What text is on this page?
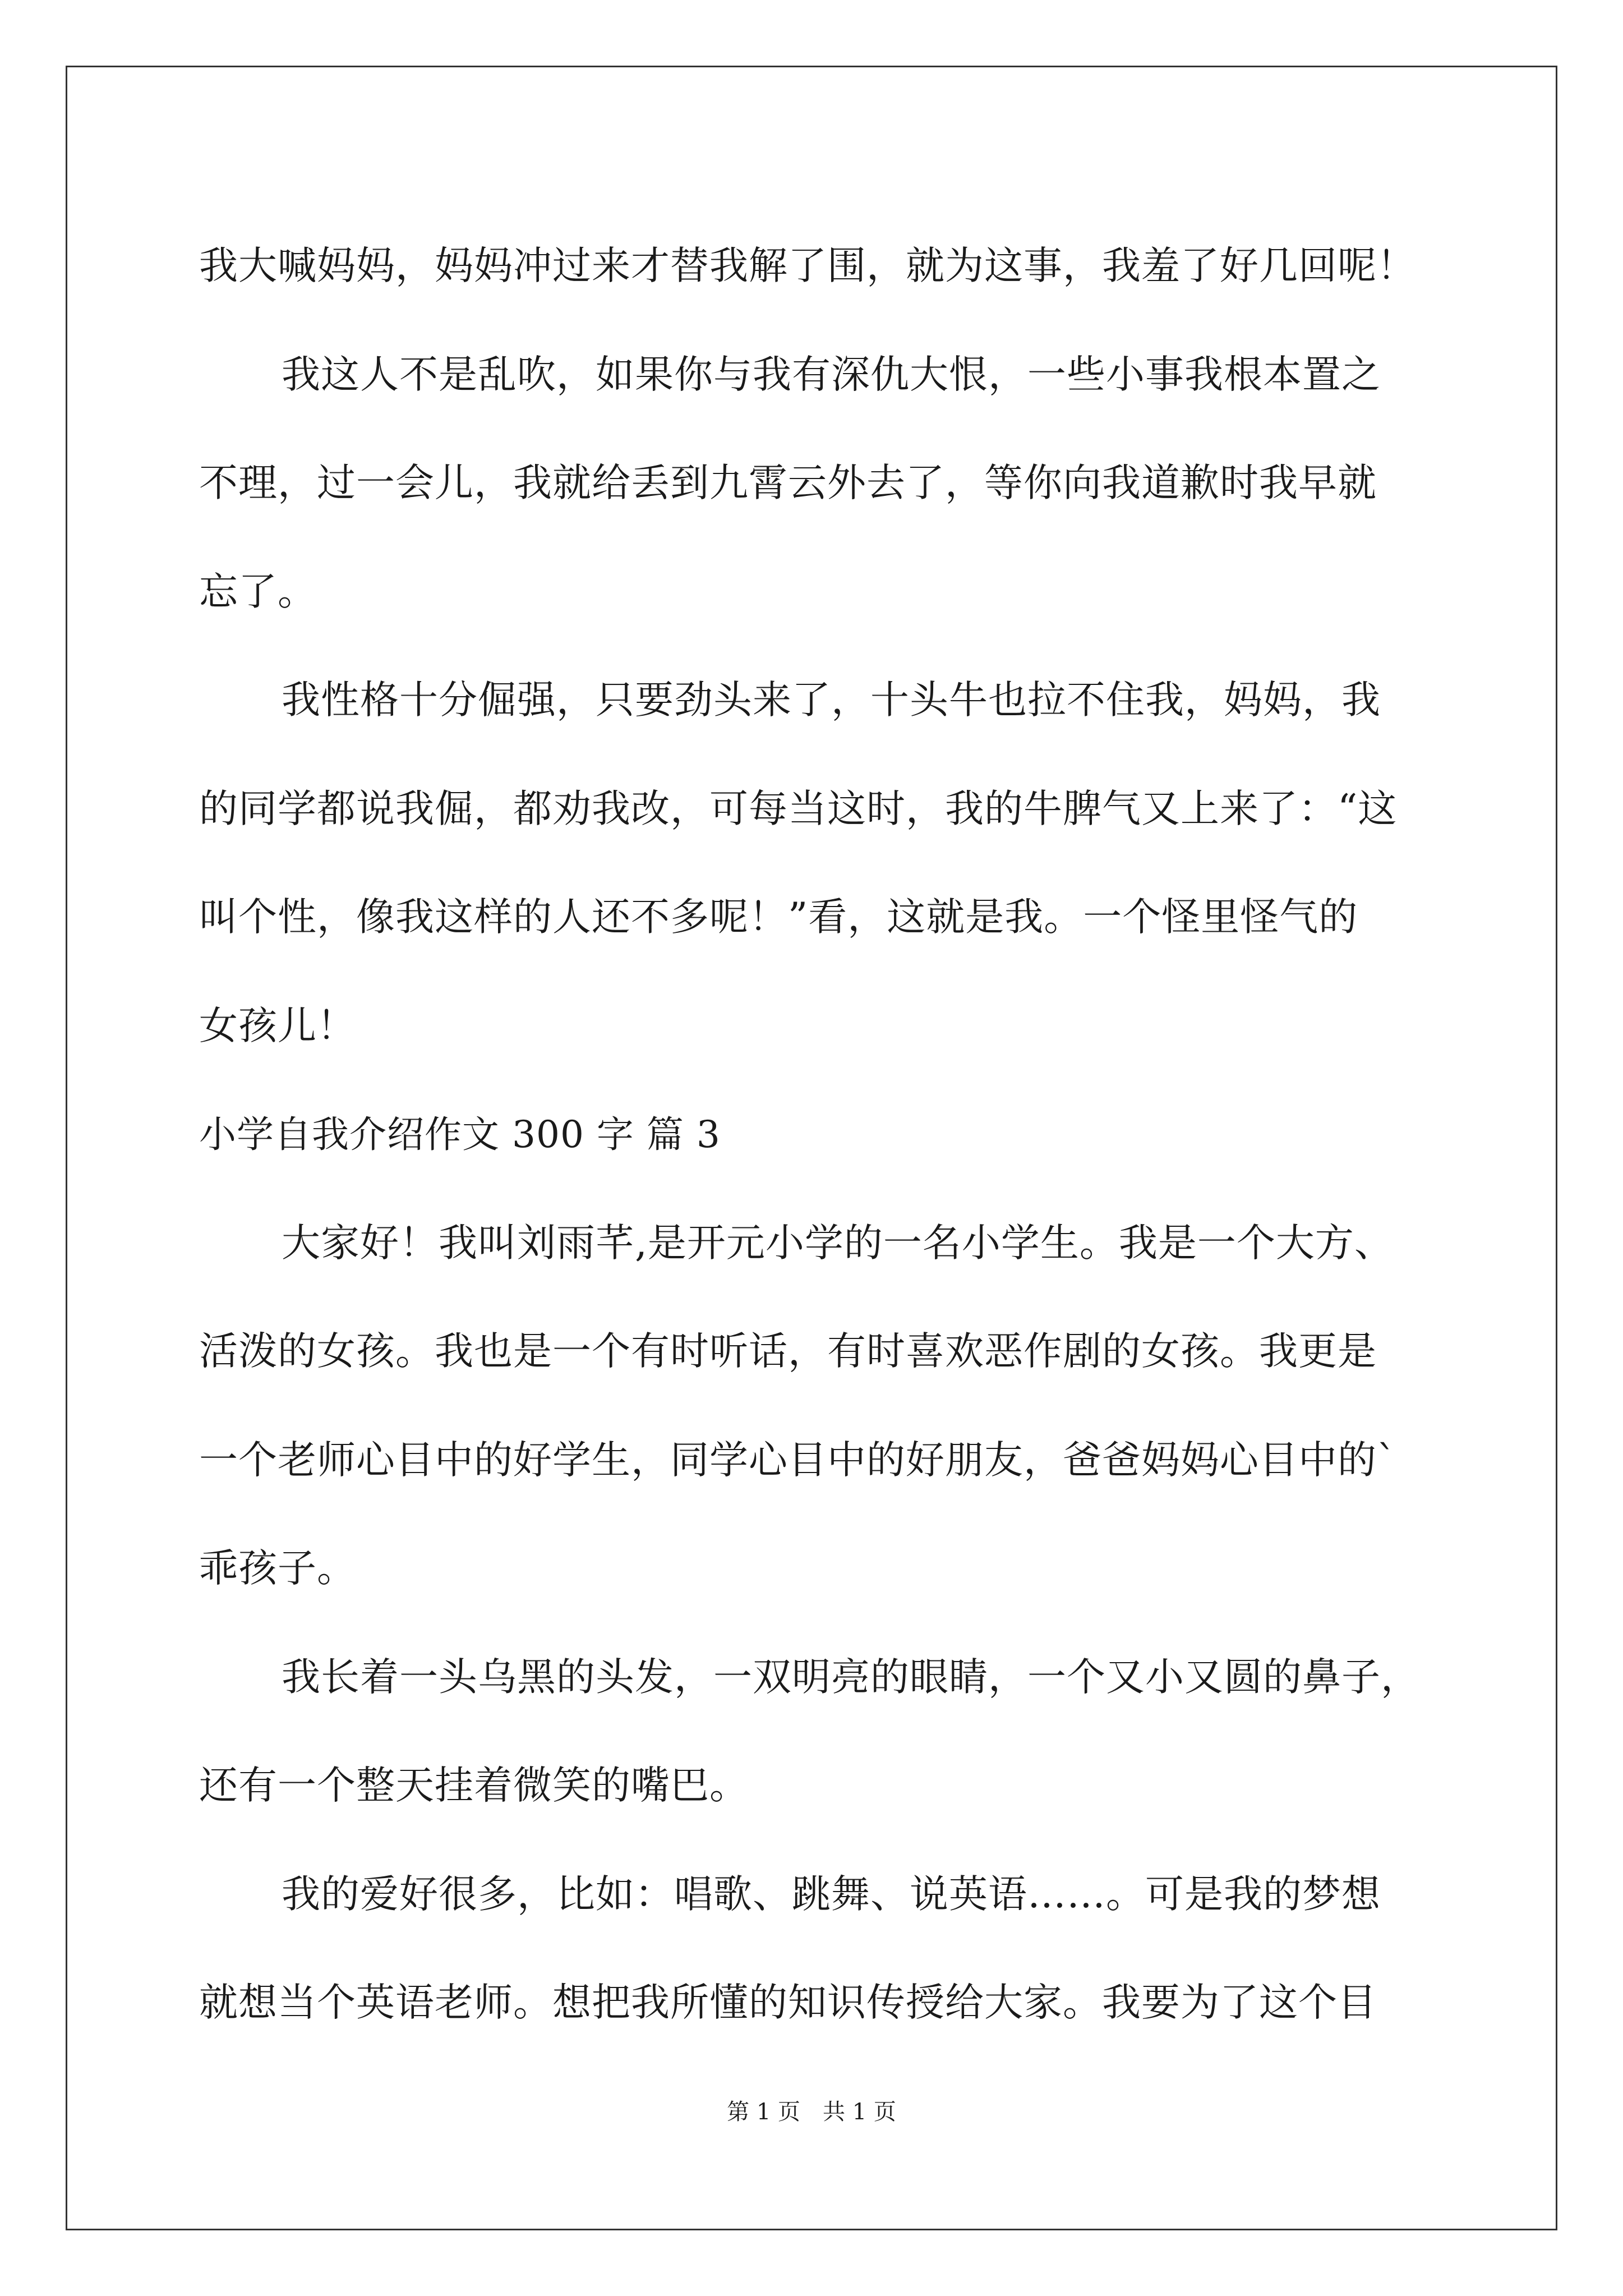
我大喊妈妈，妈妈冲过来才替我解了围，就为这事，我羞了好几回呢！
我这人不是乱吹，如果你与我有深仇大恨，一些小事我根本置之
不理，过一会儿，我就给丢到九霄云外去了，等你向我道歉时我早就
忘了。
我性格十分倔强，只要劲头来了，十头牛也拉不住我，妈妈，我
的同学都说我倔，都劝我改，可每当这时，我的牛脾气又上来了：“这
叫个性，像我这样的人还不多呢！”看，这就是我。一个怪里怪气的
女孩儿！
小学自我介绍作文 300 字 篇 3
大家好！我叫刘雨芊,是开元小学的一名小学生。我是一个大方、
活泼的女孩。我也是一个有时听话，有时喜欢恶作剧的女孩。我更是
一个老师心目中的好学生，同学心目中的好朋友，爸爸妈妈心目中的`
乖孩子。
我长着一头乌黑的头发，一双明亮的眼睛，一个又小又圆的鼻子，
还有一个整天挂着微笑的嘴巴。
我的爱好很多，比如：唱歌、跳舞、说英语……。可是我的梦想
就想当个英语老师。想把我所懂的知识传授给大家。我要为了这个目
第 1 页 共 1 页
